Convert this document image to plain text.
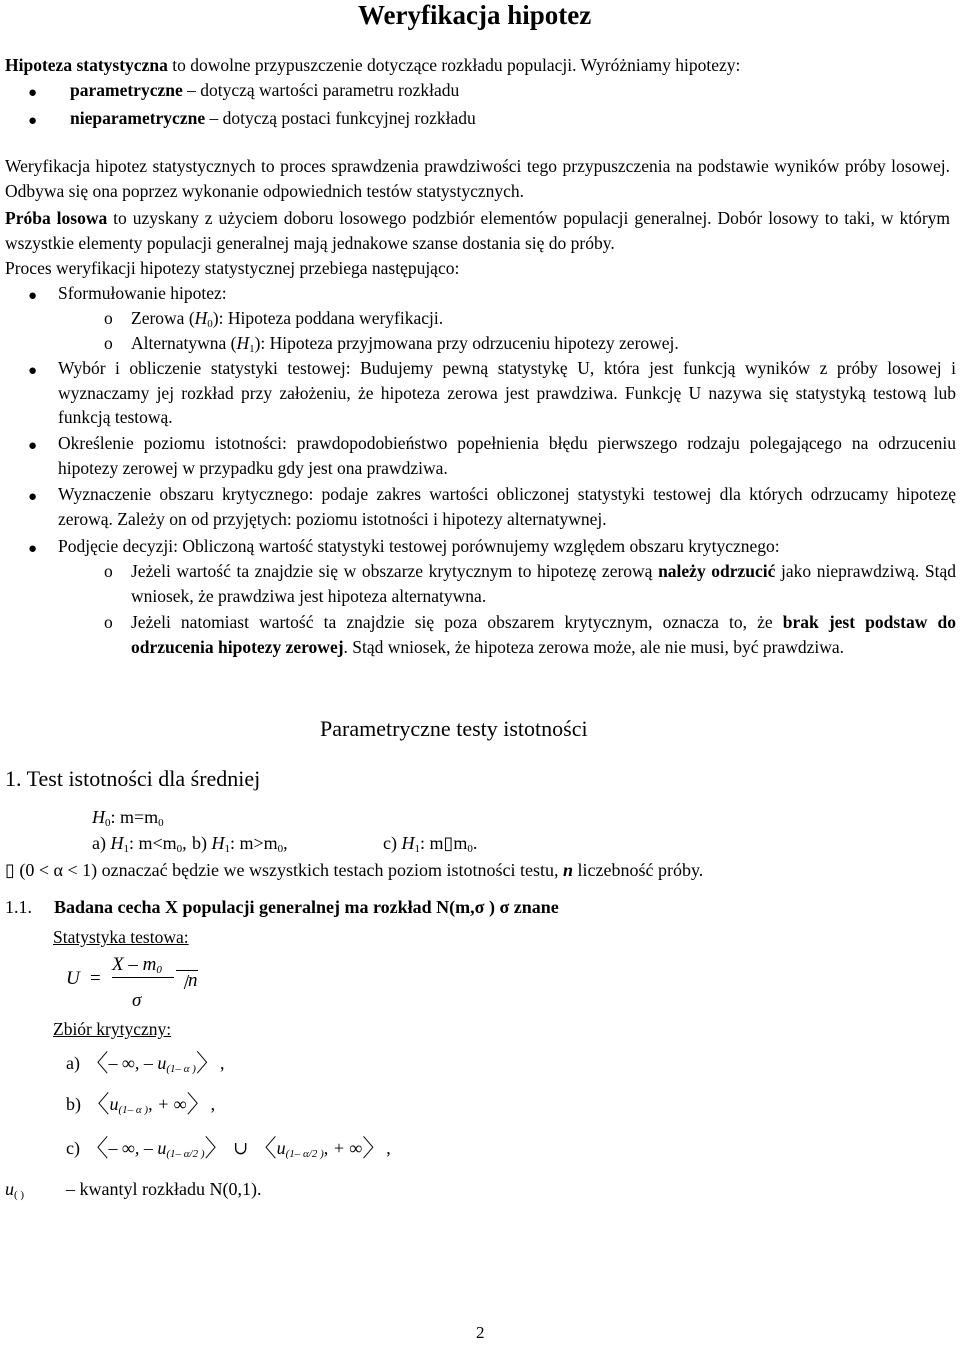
Weryfikacja hipotez
Hipoteza statystyczna to dowolne przypuszczenie dotyczące rozkładu populacji. Wyróżniamy hipotezy:
● parametryczne – dotyczą wartości parametru rozkładu
● nieparametryczne – dotyczą postaci funkcyjnej rozkładu
Weryfikacja hipotez statystycznych to proces sprawdzenia prawdziwości tego przypuszczenia na podstawie wyników próby losowej. Odbywa się ona poprzez wykonanie odpowiednich testów statystycznych.
Próba losowa to uzyskany z użyciem doboru losowego podzbiór elementów populacji generalnej. Dobór losowy to taki, w którym wszystkie elementy populacji generalnej mają jednakowe szanse dostania się do próby.
Proces weryfikacji hipotezy statystycznej przebiega następująco:
● Sformułowanie hipotez:
o Zerowa $(H_0)$: Hipoteza poddana weryfikacji.
o Alternatywna $(H_1)$: Hipoteza przyjmowana przy odrzuceniu hipotezy zerowej.
● Wybór i obliczenie statystyki testowej: Budujemy pewną statystykę U, która jest funkcją wyników z próby losowej i wyznaczamy jej rozkład przy założeniu, że hipoteza zerowa jest prawdziwa. Funkcję U nazywa się statystyką testową lub funkcją testową.
● Określenie poziomu istotności: prawdopodobieństwo popełnienia błędu pierwszego rodzaju polegającego na odrzuceniu hipotezy zerowej w przypadku gdy jest ona prawdziwa.
● Wyznaczenie obszaru krytycznego: podaje zakres wartości obliczonej statystyki testowej dla których odrzucamy hipotezę zerową. Zależy on od przyjętych: poziomu istotności i hipotezy alternatywnej.
● Podjęcie decyzji: Obliczoną wartość statystyki testowej porównujemy względem obszaru krytycznego:
o Jeżeli wartość ta znajdzie się w obszarze krytycznym to hipotezę zerową należy odrzucić jako nieprawdziwą. Stąd wniosek, że prawdziwa jest hipoteza alternatywna.
o Jeżeli natomiast wartość ta znajdzie się poza obszarem krytycznym, oznacza to, że brak jest podstaw do odrzucenia hipotezy zerowej. Stąd wniosek, że hipoteza zerowa może, ale nie musi, być prawdziwa.
Parametryczne testy istotności
1. Test istotności dla średniej
$H_0$: $m=m_0$
a) $H_1$: $m<m_0$, b) $H_1$: $m>m_0$,	c) $H_1$: $m▯m_0$.
▯ (0 < α < 1) oznaczać będzie we wszystkich testach poziom istotności testu, n liczebność próby.
1.1. Badana cecha X populacji generalnej ma rozkład N(m,σ ) σ znane
Statystyka testowa:
U =
X – $m_0$
σ
n
Zbiór krytyczny:
a) 〈– ∞, – $u_{(1- \alpha )}$〉,
b) 〈$u_{(1- \alpha )}$, + ∞〉,
c) 〈– ∞, – $u_{(1- \alpha/2 )}$〉 ∪ 〈$u_{(1- \alpha/2 )}$, + ∞〉,
$u_{( )}$ – kwantyl rozkładu N(0,1).
2
